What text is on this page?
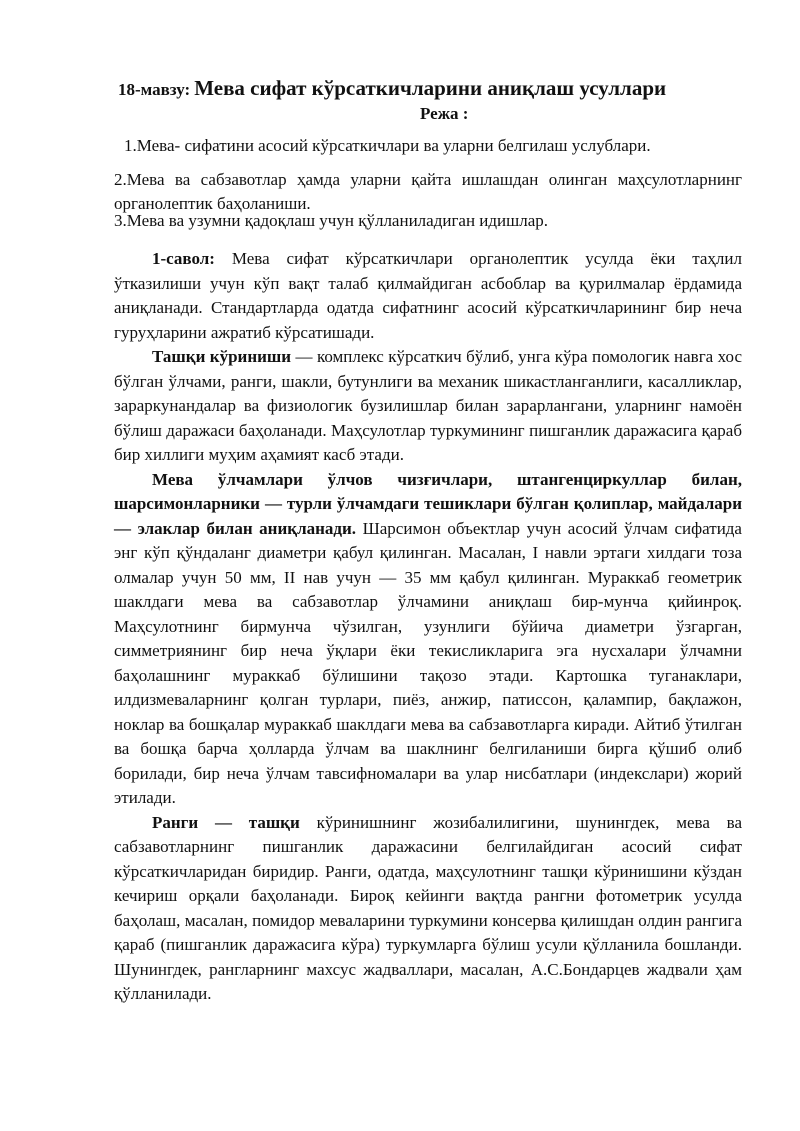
18-мавзу: Мева сифат кўрсаткичларини аниқлаш усуллари
Режа :
1.Мева- сифатини асосий кўрсаткичлари ва уларни белгилаш услублари.
2.Мева ва сабзавотлар ҳамда уларни қайта ишлашдан олинган маҳсулотларнинг органолептик баҳоланиши.
3.Мева ва узумни қадоқлаш учун қўлланиладиган идишлар.

1-савол: Мева сифат кўрсаткичлари органолептик усулда ёки таҳлил ўтказилиши учун кўп вақт талаб қилмайдиган асбоблар ва қурилмалар ёрдамида аниқланади. Стандартларда одатда сифатнинг асосий кўрсаткичларининг бир неча гуруҳларини ажратиб кўрсатишади.

Ташқи кўриниши — комплекс кўрсаткич бўлиб, унга кўра помологик навга хос бўлган ўлчами, ранги, шакли, бутунлиги ва механик шикастланганлиги, касалликлар, зараркунандалар ва физиологик бузилишлар билан зарарлангани, уларнинг намоён бўлиш даражаси баҳоланади. Маҳсулотлар туркумининг пишганлик даражасига қараб бир хиллиги муҳим аҳамият касб этади.

Мева ўлчамлари ўлчов чизғичлари, штангенциркуллар билан, шарсимонларники — турли ўлчамдаги тешиклари бўлган қолиплар, майдалари — элаклар билан аниқланади. Шарсимон объектлар учун асосий ўлчам сифатида энг кўп қўндаланг диаметри қабул қилинган. Масалан, I навли эртаги хилдаги тоза олмалар учун 50 мм, II нав учун — 35 мм қабул қилинган. Мураккаб геометрик шаклдаги мева ва сабзавотлар ўлчамини аниқлаш бир-мунча қийинроқ. Маҳсулотнинг бирмунча чўзилган, узунлиги бўйича диаметри ўзгарган, симметриянинг бир неча ўқлари ёки текисликларига эга нусхалари ўлчамни баҳолашнинг мураккаб бўлишини тақозо этади. Картошка туганаклари, илдизмеваларнинг қолган турлари, пиёз, анжир, патиссон, қалампир, бақлажон, ноклар ва бошқалар мураккаб шаклдаги мева ва сабзавотларга киради. Айтиб ўтилган ва бошқа барча ҳолларда ўлчам ва шаклнинг белгиланиши бирга қўшиб олиб борилади, бир неча ўлчам тавсифномалари ва улар нисбатлари (индекслари) жорий этилади.

Ранги — ташқи кўринишнинг жозибалилигини, шунингдек, мева ва сабзавотларнинг пишганлик даражасини белгилайдиган асосий сифат кўрсаткичларидан биридир. Ранги, одатда, маҳсулотнинг ташқи кўринишини кўздан кечириш орқали баҳоланади. Бироқ кейинги вақтда рангни фотометрик усулда баҳолаш, масалан, помидор меваларини туркумини консерва қилишдан олдин рангига қараб (пишганлик даражасига кўра) туркумларга бўлиш усули қўлланила бошланди. Шунингдек, рангларнинг махсус жадваллари, масалан, А.С.Бондарцев жадвали ҳам қўлланилади.
